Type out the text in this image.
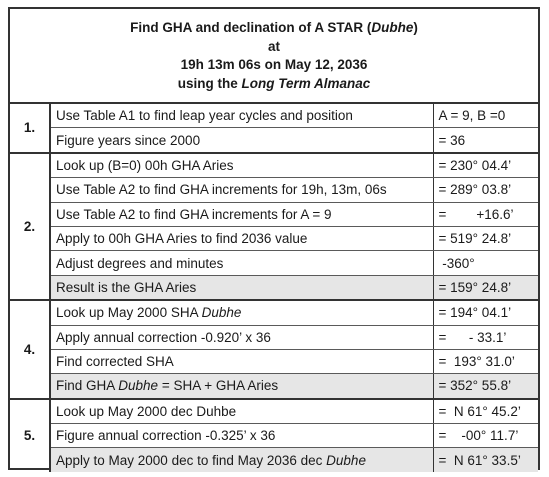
Find GHA and declination of A STAR (Dubhe)
at
19h 13m 06s on May 12, 2036
using the Long Term Almanac
1.	Use Table A1 to find leap year cycles and position	A = 9, B =0
	Figure years since 2000	= 36
2.	Look up (B=0) 00h GHA Aries	= 230° 04.4’
	Use Table A2 to find GHA increments for 19h, 13m, 06s	= 289° 03.8’
	Use Table A2 to find GHA increments for A = 9	=        +16.6’
	Apply to 00h GHA Aries to find 2036 value	= 519° 24.8’
	Adjust degrees and minutes	-360°
	Result is the GHA Aries	= 159° 24.8’
4.	Look up May 2000 SHA Dubhe	= 194° 04.1’
	Apply annual correction -0.920’ x 36	=      - 33.1’
	Find corrected SHA	=  193° 31.0’
	Find GHA Dubhe = SHA + GHA Aries	= 352° 55.8’
5.	Look up May 2000 dec Duhbe	=  N 61° 45.2’
	Figure annual correction -0.325’ x 36	=    -00° 11.7’
	Apply to May 2000 dec to find May 2036 dec Dubhe	=  N 61° 33.5’
